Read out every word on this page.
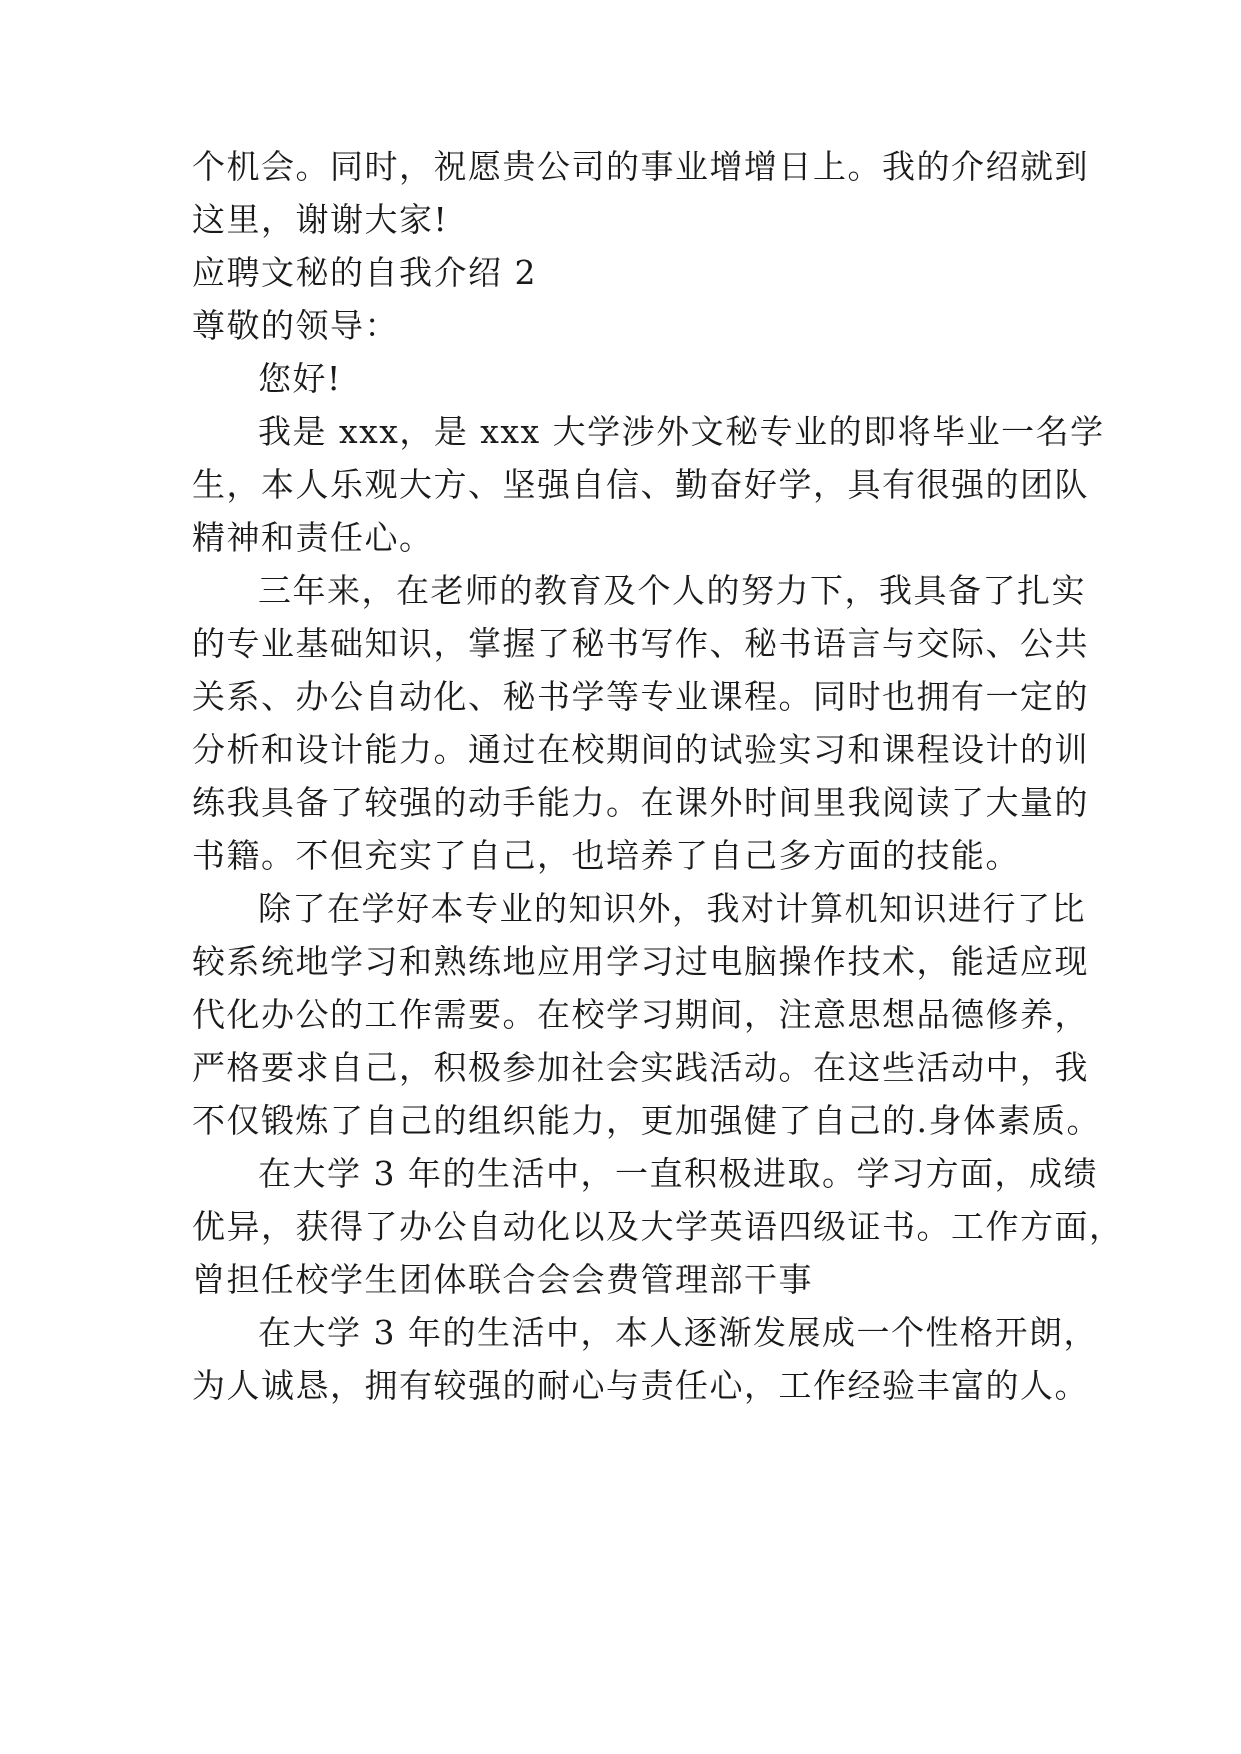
个机会。同时，祝愿贵公司的事业增增日上。我的介绍就到
这里，谢谢大家!
应聘文秘的自我介绍 2
尊敬的领导：
您好!
我是 xxx，是 xxx 大学涉外文秘专业的即将毕业一名学
生，本人乐观大方、坚强自信、勤奋好学，具有很强的团队
精神和责任心。
三年来，在老师的教育及个人的努力下，我具备了扎实
的专业基础知识，掌握了秘书写作、秘书语言与交际、公共
关系、办公自动化、秘书学等专业课程。同时也拥有一定的
分析和设计能力。通过在校期间的试验实习和课程设计的训
练我具备了较强的动手能力。在课外时间里我阅读了大量的
书籍。不但充实了自己，也培养了自己多方面的技能。
除了在学好本专业的知识外，我对计算机知识进行了比
较系统地学习和熟练地应用学习过电脑操作技术，能适应现
代化办公的工作需要。在校学习期间，注意思想品德修养，
严格要求自己，积极参加社会实践活动。在这些活动中，我
不仅锻炼了自己的组织能力，更加强健了自己的.身体素质。
在大学 3 年的生活中，一直积极进取。学习方面，成绩
优异，获得了办公自动化以及大学英语四级证书。工作方面，
曾担任校学生团体联合会会费管理部干事
在大学 3 年的生活中，本人逐渐发展成一个性格开朗，
为人诚恳，拥有较强的耐心与责任心，工作经验丰富的人。
